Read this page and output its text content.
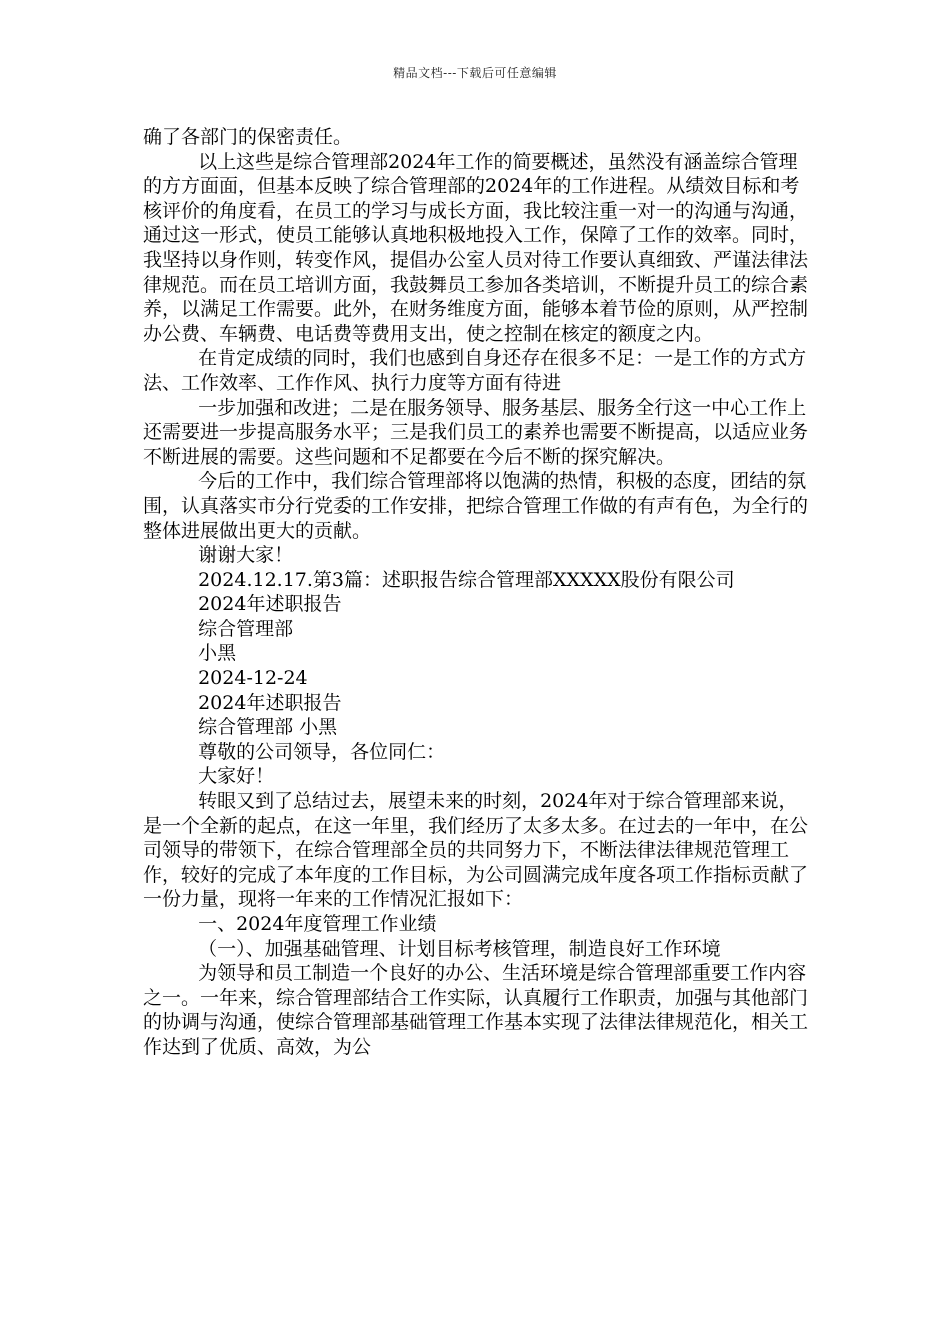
精品文档---下载后可任意编辑

确了各部门的保密责任。

以上这些是综合管理部2024年工作的简要概述，虽然没有涵盖综合管理的方方面面，但基本反映了综合管理部的2024年的工作进程。从绩效目标和考核评价的角度看，在员工的学习与成长方面，我比较注重一对一的沟通与沟通，通过这一形式，使员工能够认真地积极地投入工作，保障了工作的效率。同时，我坚持以身作则，转变作风，提倡办公室人员对待工作要认真细致、严谨法律法律规范。而在员工培训方面，我鼓舞员工参加各类培训，不断提升员工的综合素养，以满足工作需要。此外，在财务维度方面，能够本着节俭的原则，从严控制办公费、车辆费、电话费等费用支出，使之控制在核定的额度之内。

在肯定成绩的同时，我们也感到自身还存在很多不足：一是工作的方式方法、工作效率、工作作风、执行力度等方面有待进

一步加强和改进；二是在服务领导、服务基层、服务全行这一中心工作上还需要进一步提高服务水平；三是我们员工的素养也需要不断提高，以适应业务不断进展的需要。这些问题和不足都要在今后不断的探究解决。

今后的工作中，我们综合管理部将以饱满的热情，积极的态度，团结的氛围，认真落实市分行党委的工作安排，把综合管理工作做的有声有色，为全行的整体进展做出更大的贡献。

谢谢大家！

2024.12.17.第3篇：述职报告综合管理部XXXXX股份有限公司

2024年述职报告

综合管理部

小黑

2024-12-24

2024年述职报告

综合管理部 小黑

尊敬的公司领导，各位同仁：

大家好！

转眼又到了总结过去，展望未来的时刻，2024年对于综合管理部来说，是一个全新的起点，在这一年里，我们经历了太多太多。在过去的一年中，在公司领导的带领下，在综合管理部全员的共同努力下，不断法律法律规范管理工作，较好的完成了本年度的工作目标，为公司圆满完成年度各项工作指标贡献了一份力量，现将一年来的工作情况汇报如下：

一、2024年度管理工作业绩

（一）、加强基础管理、计划目标考核管理，制造良好工作环境

为领导和员工制造一个良好的办公、生活环境是综合管理部重要工作内容之一。一年来，综合管理部结合工作实际，认真履行工作职责，加强与其他部门的协调与沟通，使综合管理部基础管理工作基本实现了法律法律规范化，相关工作达到了优质、高效，为公
